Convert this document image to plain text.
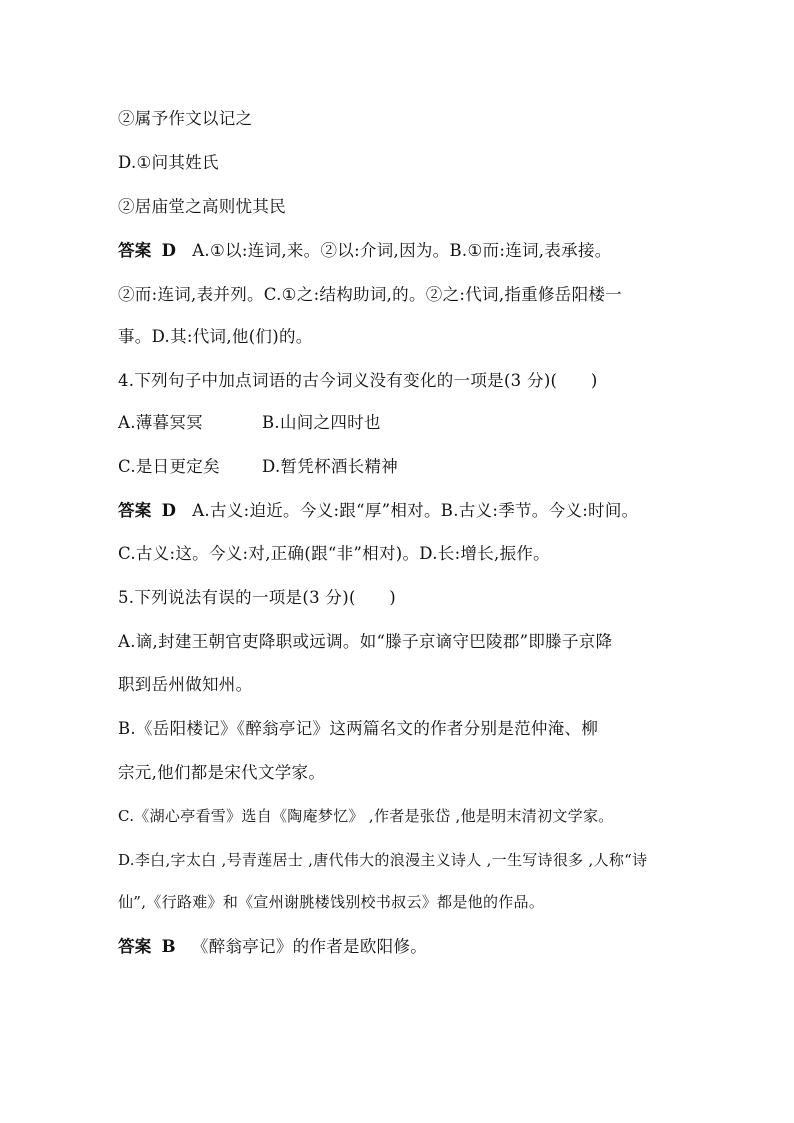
②属予作文以记之
D.①问其姓氏
②居庙堂之高则忧其民
答案 D A.①以:连词,来。②以:介词,因为。B.①而:连词,表承接。
②而:连词,表并列。C.①之:结构助词,的。②之:代词,指重修岳阳楼一
事。D.其:代词,他(们)的。
4.下列句子中加点词语的古今词义没有变化的一项是(3 分)(　　)
A.薄暮冥冥	B.山间之四时也
C.是日更定矣	D.暂凭杯酒长精神
答案 D A.古义:迫近。今义:跟“厚”相对。B.古义:季节。今义:时间。
C.古义:这。今义:对,正确(跟“非”相对)。D.长:增长,振作。
5.下列说法有误的一项是(3 分)(　　)
A.谪,封建王朝官吏降职或远调。如“滕子京谪守巴陵郡”即滕子京降
职到岳州做知州。
B.《岳阳楼记》《醉翁亭记》这两篇名文的作者分别是范仲淹、柳
宗元,他们都是宋代文学家。
C.《湖心亭看雪》选自《陶庵梦忆》 ,作者是张岱 ,他是明末清初文学家。
D.李白,字太白 ,号青莲居士 ,唐代伟大的浪漫主义诗人 ,一生写诗很多 ,人称“诗
仙”,《行路难》和《宣州谢朓楼饯别校书叔云》都是他的作品。
答案 B 《醉翁亭记》的作者是欧阳修。
